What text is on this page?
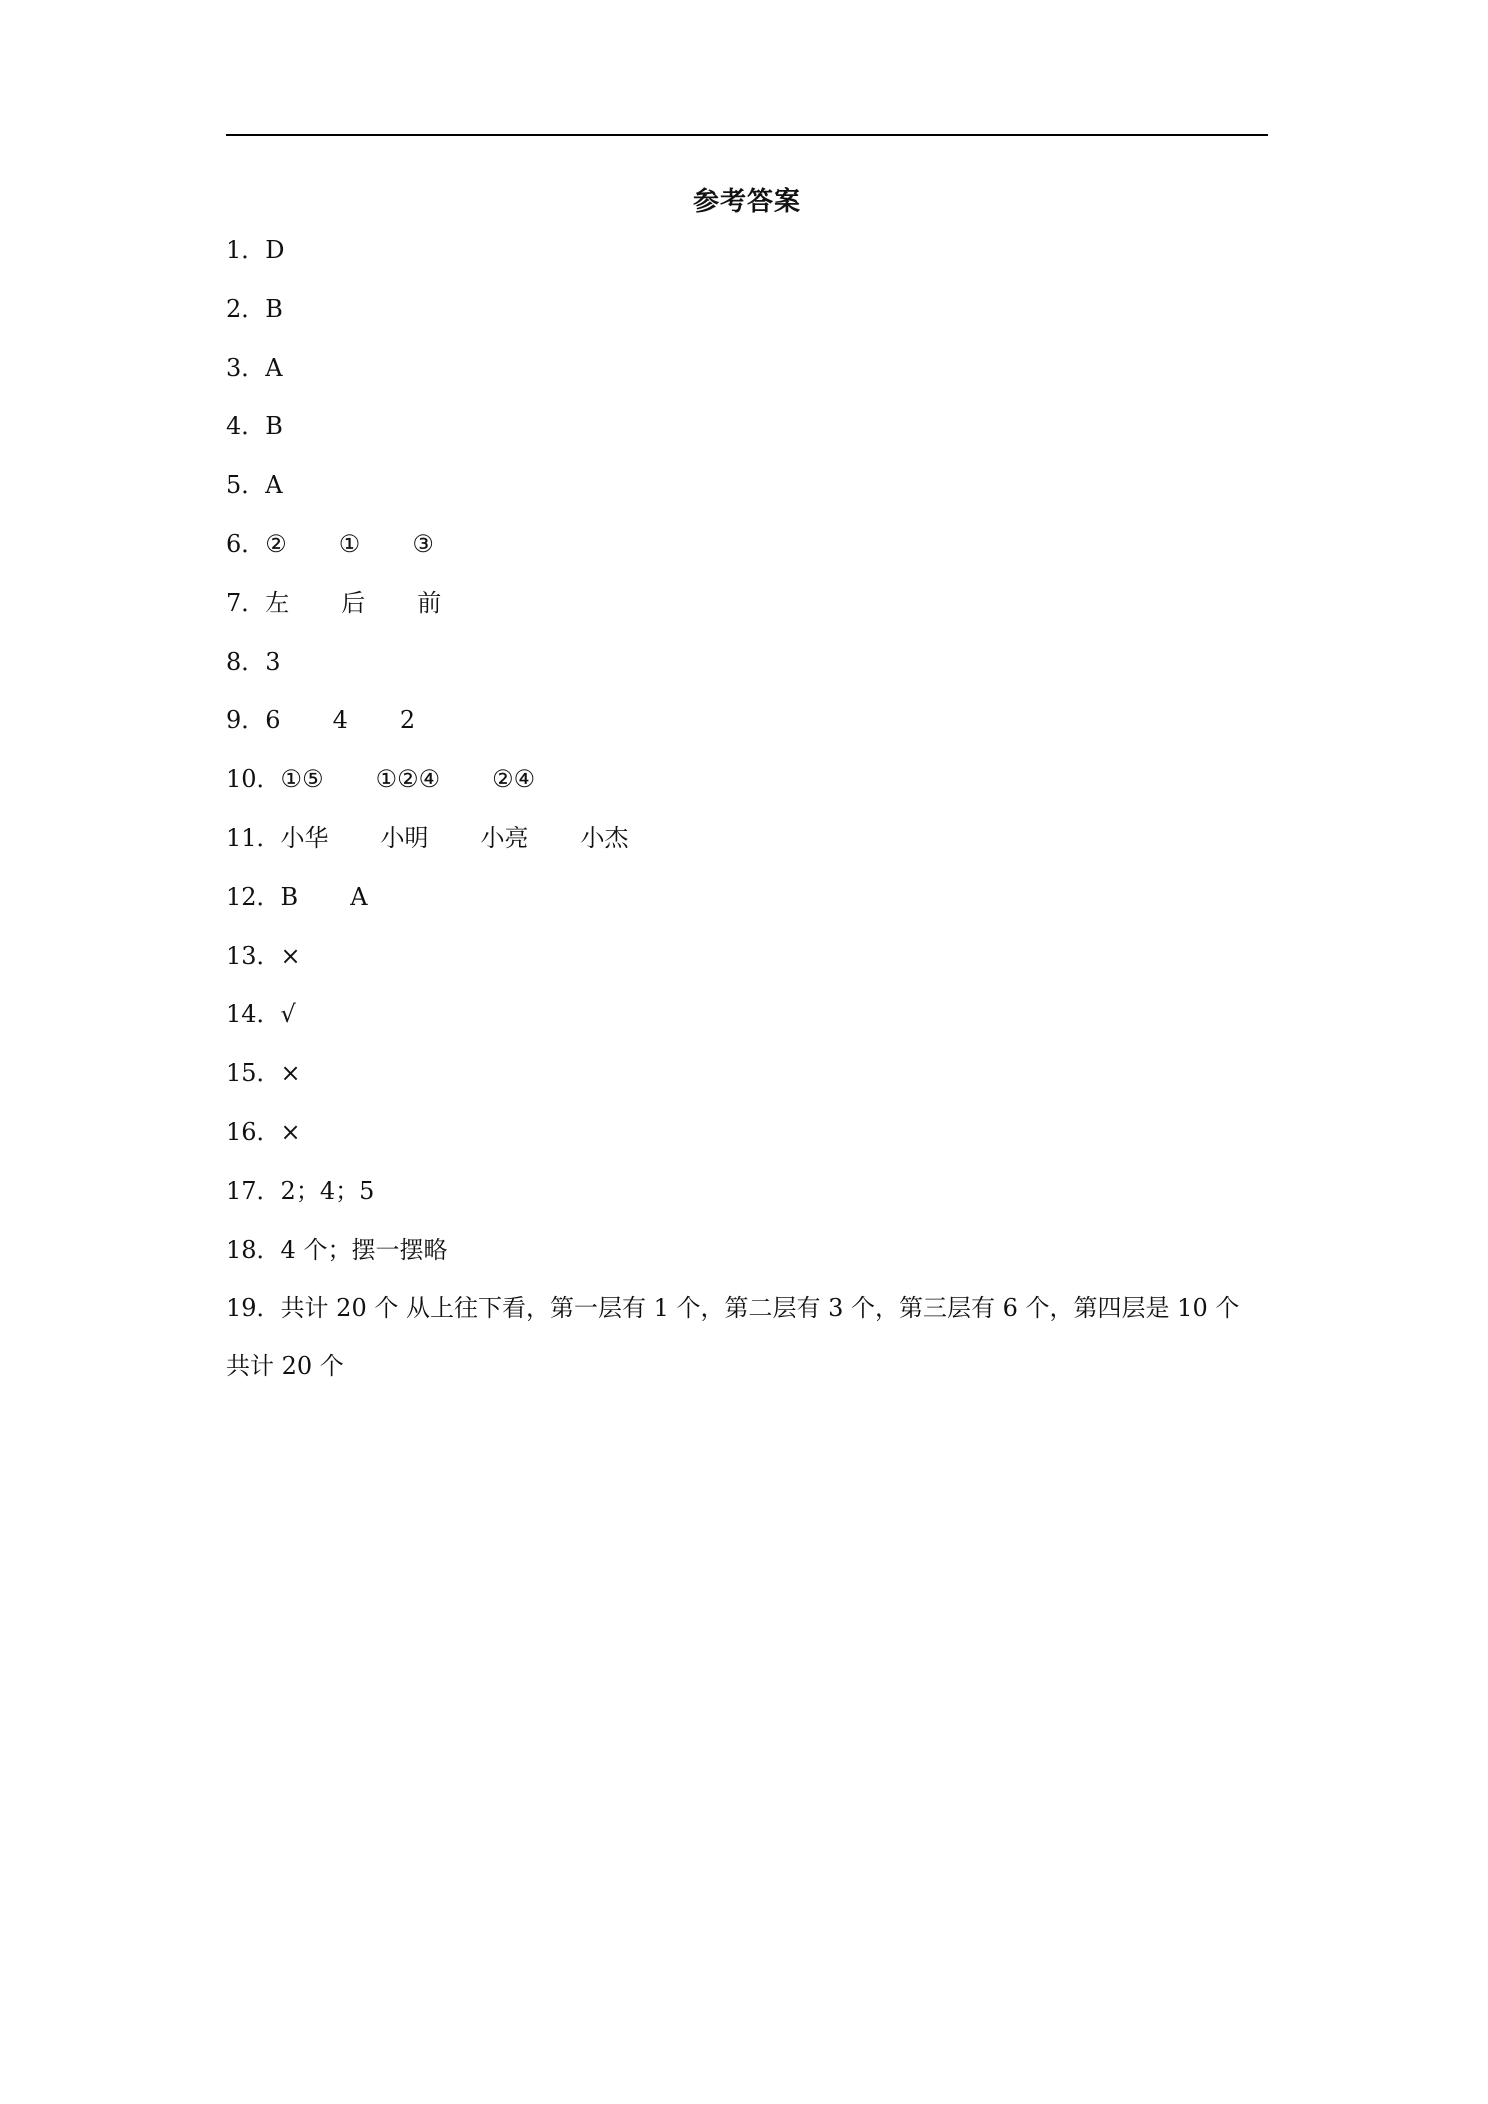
参考答案
1． D
2． B
3． A
4． B
5． A
6． ② ① ③
7． 左 后 前
8． 3
9． 6 4 2
10． ①⑤ ①②④ ②④
11． 小华 小明 小亮 小杰
12． B A
13． ×
14． √
15． ×
16． ×
17． 2；4；5
18． 4 个；摆一摆略
19．共计 20 个 从上往下看，第一层有 1 个，第二层有 3 个，第三层有 6 个，第四层是 10 个 共计 20 个
